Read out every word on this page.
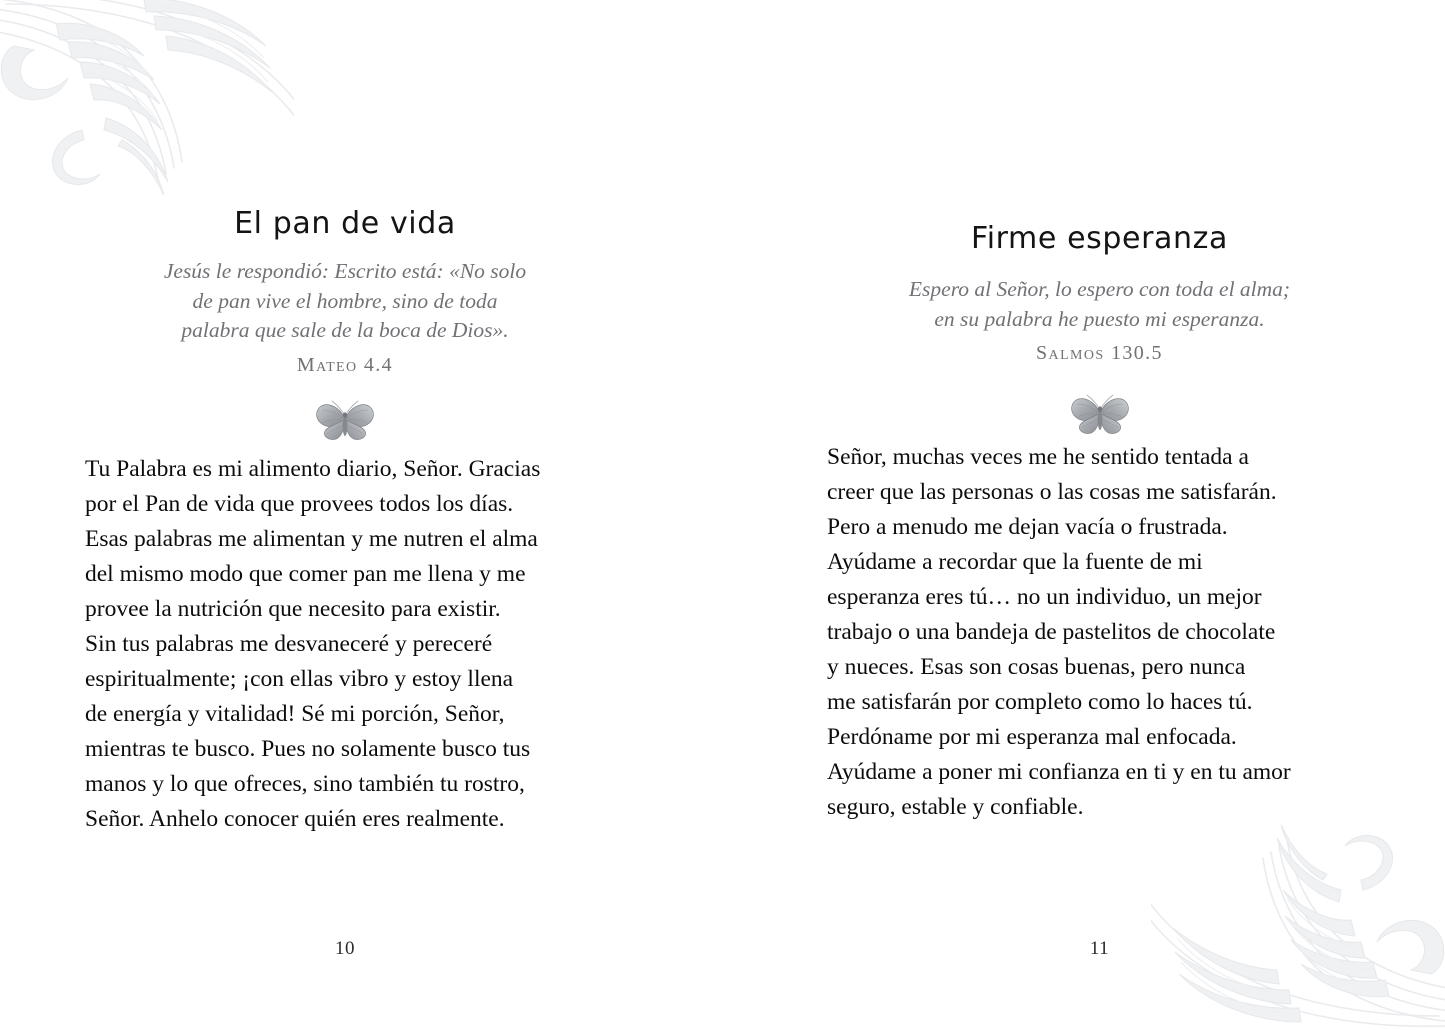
El pan de vida
Jesús le respondió: Escrito está: «No solo
de pan vive el hombre, sino de toda
palabra que sale de la boca de Dios».
Mateo 4.4
Tu Palabra es mi alimento diario, Señor. Gracias
por el Pan de vida que provees todos los días.
Esas palabras me alimentan y me nutren el alma
del mismo modo que comer pan me llena y me
provee la nutrición que necesito para existir.
Sin tus palabras me desvaneceré y pereceré
espiritualmente; ¡con ellas vibro y estoy llena
de energía y vitalidad! Sé mi porción, Señor,
mientras te busco. Pues no solamente busco tus
manos y lo que ofreces, sino también tu rostro,
Señor. Anhelo conocer quién eres realmente.
10
Firme esperanza
Espero al Señor, lo espero con toda el alma;
en su palabra he puesto mi esperanza.
Salmos 130.5
Señor, muchas veces me he sentido tentada a
creer que las personas o las cosas me satisfarán.
Pero a menudo me dejan vacía o frustrada.
Ayúdame a recordar que la fuente de mi
esperanza eres tú… no un individuo, un mejor
trabajo o una bandeja de pastelitos de chocolate
y nueces. Esas son cosas buenas, pero nunca
me satisfarán por completo como lo haces tú.
Perdóname por mi esperanza mal enfocada.
Ayúdame a poner mi confianza en ti y en tu amor
seguro, estable y confiable.
11
